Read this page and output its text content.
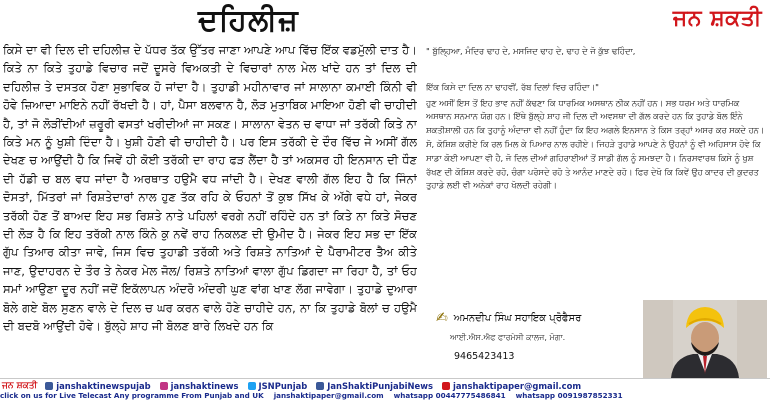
ਦਹਿਲੀਜ਼	ਜਨ ਸ਼ਕਤੀ

ਕਿਸੇ ਦਾ ਵੀ ਦਿਲ ਦੀ ਦਹਿਲੀਜ਼ ਦੇ ਪੱਧਰ ਤੱਕ ਉੱਤਰ ਜਾਣਾ ਆਪਣੇ ਆਪ ਵਿੱਚ ਇੱਕ ਵਡਮੁੱਲੀ ਦਾਤ ਹੈ। ਕਿਤੇ ਨਾ ਕਿਤੇ ਤੁਹਾਡੇ ਵਿਚਾਰ ਜਦੋਂ ਦੂਸਰੇ ਵਿਅਕਤੀ ਦੇ ਵਿਚਾਰਾਂ ਨਾਲ ਮੇਲ ਖਾਂਦੇ ਹਨ ਤਾਂ ਦਿਲ ਦੀ ਦਹਿਲੀਜ਼ ਤੇ ਦਸਤਕ ਹੋਣਾ ਸੁਭਾਵਿਕ ਹੋ ਜਾਂਦਾ ਹੈ। ਤੁਹਾਡੀ ਮਹੀਨਾਵਾਰ ਜਾਂ ਸਾਲਾਨਾ ਕਮਾਈ ਕਿੰਨੀ ਵੀ ਹੋਵੇ ਜ਼ਿਆਦਾ ਮਾਇਨੇ ਨਹੀਂ ਰੱਖਦੀ ਹੈ। ਹਾਂ, ਪੈਸਾ ਬਲਵਾਨ ਹੈ, ਲੋੜ ਮੁਤਾਬਿਕ ਮਾਇਆ ਹੋਣੀ ਵੀ ਚਾਹੀਦੀ ਹੈ, ਤਾਂ ਜੋ ਲੋੜੀਂਦੀਆਂ ਜ਼ਰੂਰੀ ਵਸਤਾਂ ਖਰੀਦੀਆਂ ਜਾ ਸਕਣ। ਸਾਲਾਨਾ ਵੇਤਨ ਚ ਵਾਧਾ ਜਾਂ ਤਰੱਕੀ ਕਿਤੇ ਨਾ ਕਿਤੇ ਮਨ ਨੂੰ ਖੁਸ਼ੀ ਦਿੰਦਾ ਹੈ। ਖੁਸ਼ੀ ਹੋਣੀ ਵੀ ਚਾਹੀਦੀ ਹੈ। ਪਰ ਇਸ ਤਰੱਕੀ ਦੇ ਦੌਰ ਵਿੱਚ ਜੇ ਅਸੀਂ ਗੱਲ ਦੇਖਣ ਚ ਆਉਂਦੀ ਹੈ ਕਿ ਜਿਵੇਂ ਹੀ ਕੋਈ ਤਰੱਕੀ ਦਾ ਰਾਹ ਫੜ ਲੈਂਦਾ ਹੈ ਤਾਂ ਅਕਸਰ ਹੀ ਇਨਸਾਨ ਦੀ ਧੌਣ ਦੀ ਹੱਡੀ ਚ ਬਲ ਵਧ ਜਾਂਦਾ ਹੈ ਅਰਥਾਤ ਹਉਮੈ ਵਧ ਜਾਂਦੀ ਹੈ। ਦੇਖਣ ਵਾਲੀ ਗੱਲ ਇਹ ਹੈ ਕਿ ਜਿੰਨਾਂ ਦੋਸਤਾਂ, ਮਿੱਤਰਾਂ ਜਾਂ ਰਿਸ਼ਤੇਦਾਰਾਂ ਨਾਲ ਹੁਣ ਤੱਕ ਰਹਿ ਕੇ ਓਹਨਾਂ ਤੋਂ ਕੁਝ ਸਿੱਖ ਕੇ ਅੱਗੇ ਵਧੇ ਹਾਂ, ਜੇਕਰ ਤਰੱਕੀ ਹੋਣ ਤੋਂ ਬਾਅਦ ਇਹ ਸਭ ਰਿਸ਼ਤੇ ਨਾਤੇ ਪਹਿਲਾਂ ਵਰਗੇ ਨਹੀਂ ਰਹਿੰਦੇ ਹਨ ਤਾਂ ਕਿਤੇ ਨਾ ਕਿਤੇ ਸੋਚਣ ਦੀ ਲੋੜ ਹੈ ਕਿ ਇਹ ਤਰੱਕੀ ਨਾਲ ਕਿੰਨੇ ਕੁ ਨਵੇਂ ਰਾਹ ਨਿਕਲਣ ਦੀ ਉਮੀਦ ਹੈ। ਜੇਕਰ ਇਹ ਸਭ ਦਾ ਇੱਕ ਗੁੱਪ ਤਿਆਰ ਕੀਤਾ ਜਾਵੇ, ਜਿਸ ਵਿਚ ਤੁਹਾਡੀ ਤਰੱਕੀ ਅਤੇ ਰਿਸ਼ਤੇ ਨਾਤਿਆਂ ਦੇ ਪੈਰਾਮੀਟਰ ਤੈਅ ਕੀਤੇ ਜਾਣ, ਉਦਾਹਰਨ ਦੇ ਤੌਰ ਤੇ ਨੇਕਰ ਮੇਲ ਜੋਲ/ ਰਿਸ਼ਤੇ ਨਾਤਿਆਂ ਵਾਲਾ ਗੁੱਪ ਡਿਗਦਾ ਜਾ ਰਿਹਾ ਹੈ, ਤਾਂ ਓਹ ਸਮਾਂ ਆਉਣਾ ਦੂਰ ਨਹੀਂ ਜਦੋਂ ਇਕੱਲਾਪਨ ਅੰਦਰੋ ਅੰਦਰੀ ਘੁਣ ਵਾਂਗ ਖਾਣ ਲੱਗ ਜਾਵੇਗਾ। ਤੁਹਾਡੇ ਦੁਆਰਾ ਬੋਲੇ ਗਏ ਬੋਲ ਸੁਣਨ ਵਾਲੇ ਦੇ ਦਿਲ ਚ ਘਰ ਕਰਨ ਵਾਲੇ ਹੋਣੇ ਚਾਹੀਦੇ ਹਨ, ਨਾ ਕਿ ਤੁਹਾਡੇ ਬੋਲਾਂ ਚ ਹਉਮੈ ਦੀ ਬਦਬੋ ਆਉਂਦੀ ਹੋਵੇ। ਬੁੱਲ੍ਹੇ ਸ਼ਾਹ ਜੀ ਬੋਲਣ ਬਾਰੇ ਲਿਖਦੇ ਹਨ ਕਿ

" ਬੁੱਲ੍ਹਿਆ, ਮੰਦਿਰ ਢਾਹ ਦੇ, ਮਸਜਿਦ ਢਾਹ ਦੇ, ਢਾਹ ਦੇ ਜੋ ਕੁੱਝ ਢਹਿੰਦਾ,

ਇੱਕ ਕਿਸੇ ਦਾ ਦਿਲ ਨਾ ਢਾਹਵੀਂ, ਰੱਬ ਦਿਲਾਂ ਵਿਚ ਰਹਿੰਦਾ।"

ਹੁਣ ਅਸੀਂ ਇਸ ਤੋਂ ਇਹ ਭਾਵ ਨਹੀਂ ਕੱਢਣਾ ਕਿ ਧਾਰਮਿਕ ਅਸਥਾਨ ਠੀਕ ਨਹੀਂ ਹਨ। ਸਭ ਧਰਮ ਅਤੇ ਧਾਰਮਿਕ ਅਸਥਾਨ ਸਨਮਾਨ ਯੋਗ ਹਨ। ਇੱਥੇ ਬੁੱਲ੍ਹੇ ਸ਼ਾਹ ਜੀ ਦਿਲ ਦੀ ਅਵਸਥਾ ਦੀ ਗੱਲ ਕਰਦੇ ਹਨ ਕਿ ਤੁਹਾਡੇ ਬੋਲ ਇੰਨੇ ਸ਼ਕਤੀਸ਼ਾਲੀ ਹਨ ਕਿ ਤੁਹਾਨੂੰ ਅੰਦਾਜ਼ਾ ਵੀ ਨਹੀਂ ਹੁੰਦਾ ਕਿ ਇਹ ਅਗਲੇ ਇਨਸਾਨ ਤੇ ਕਿਸ ਤਰ੍ਹਾਂ ਅਸਰ ਕਰ ਸਕਦੇ ਹਨ। ਸੋ, ਕੋਸ਼ਿਸ਼ ਕਰੀਏ ਕਿ ਰਲ ਮਿਲ ਕੇ ਪਿਆਰ ਨਾਲ ਰਹੀਏ। ਜਿਹੜੇ ਤੁਹਾਡੇ ਆਪਣੇ ਨੇ ਉਹਨਾਂ ਨੂੰ ਵੀ ਅਹਿਸਾਸ ਹੋਵੇ ਕਿ ਸਾਡਾ ਕੋਈ ਆਪਣਾ ਵੀ ਹੈ, ਜੋ ਦਿਲ ਦੀਆਂ ਗਹਿਰਾਈਆਂ ਤੋਂ ਸਾਡੀ ਗੱਲ ਨੂੰ ਸਮਝਦਾ ਹੈ। ਨਿਰਸਵਾਰਥ ਕਿਸੇ ਨੂੰ ਖੁਸ਼ ਰੱਖਣ ਦੀ ਕੋਸ਼ਿਸ਼ ਕਰਦੇ ਰਹੋ, ਚੰਗਾ ਪਰੋਸਦੇ ਰਹੋ ਤੇ ਆਨੰਦ ਮਾਣਦੇ ਰਹੋ। ਫਿਰ ਦੇਖੋ ਕਿ ਕਿਵੇਂ ਉਹ ਕਾਦਰ ਦੀ ਕੁਦਰਤ ਤੁਹਾਡੇ ਲਈ ਵੀ ਅਨੇਕਾਂ ਰਾਹ ਖੋਲਦੀ ਰਹੇਗੀ।

✍ ਅਮਨਦੀਪ ਸਿੰਘ ਸਹਾਇਕ ਪ੍ਰੋਫੈਸਰ
ਆਈ.ਐਸ.ਐਫ ਫਾਰਮੇਸੀ ਕਾਲਜ, ਮੋਗਾ.
9465423413
ਜਨ ਸ਼ਕਤੀ janshaktinewspujab janshaktinews JSNPunjab JanShaktiPunjabiNews janshaktipaper@gmail.com
click on us for Live Telecast Any programme From Punjab and UK janshaktipaper@gmail.com whatsapp 00447775486841 whatsapp 0091987852331
